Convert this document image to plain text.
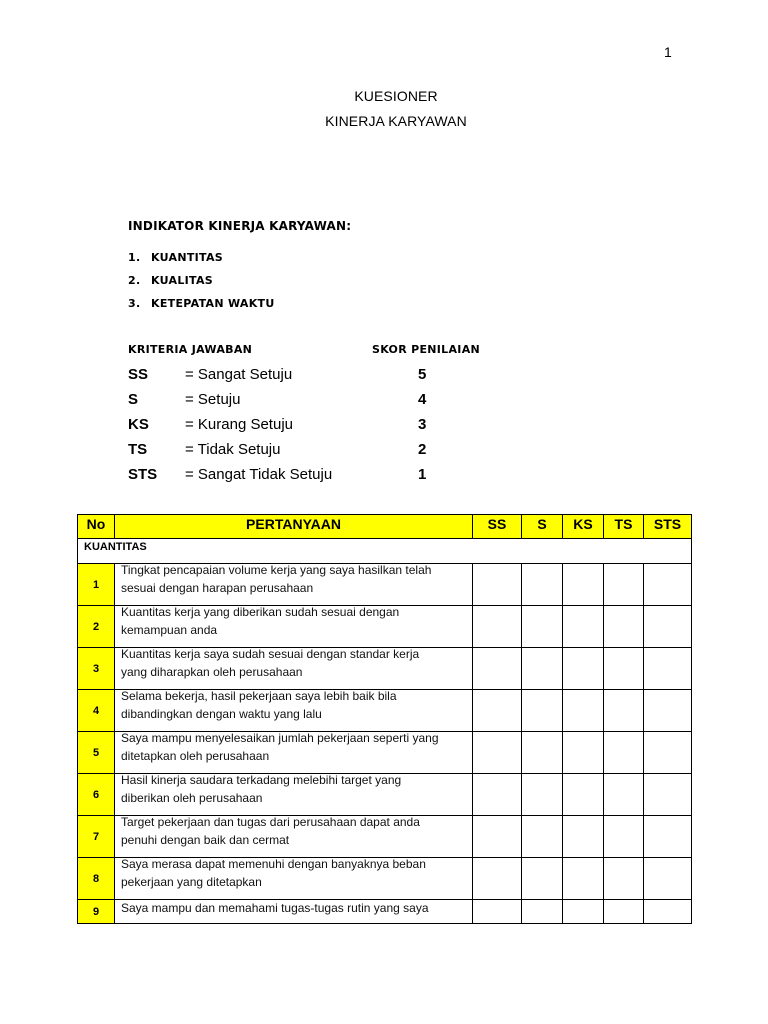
1
KUESIONER
KINERJA KARYAWAN
INDIKATOR KINERJA KARYAWAN:
1. KUANTITAS
2. KUALITAS
3. KETEPATAN WAKTU
KRITERIA JAWABAN	SKOR PENILAIAN
SS = Sangat Setuju	5
S	= Setuju	4
KS = Kurang Setuju	3
TS	= Tidak Setuju	2
STS = Sangat Tidak Setuju	1
No	PERTANYAAN	SS	S	KS	TS	STS
KUANTITAS						
1	Tingkat pencapaian volume kerja yang saya hasilkan telah
sesuai dengan harapan perusahaan					

2	Kuantitas kerja yang diberikan sudah sesuai dengan
kemampuan anda					

3	Kuantitas kerja saya sudah sesuai dengan standar kerja
yang diharapkan oleh perusahaan					

4	Selama bekerja, hasil pekerjaan saya lebih baik bila
dibandingkan dengan waktu yang lalu					

5	Saya mampu menyelesaikan jumlah pekerjaan seperti yang
ditetapkan oleh perusahaan					

6	Hasil kinerja saudara terkadang melebihi target yang
diberikan oleh perusahaan					

7	Target pekerjaan dan tugas dari perusahaan dapat anda
penuhi dengan baik dan cermat					

8	Saya merasa dapat memenuhi dengan banyaknya beban
pekerjaan yang ditetapkan					

9	Saya mampu dan memahami tugas-tugas rutin yang saya					
